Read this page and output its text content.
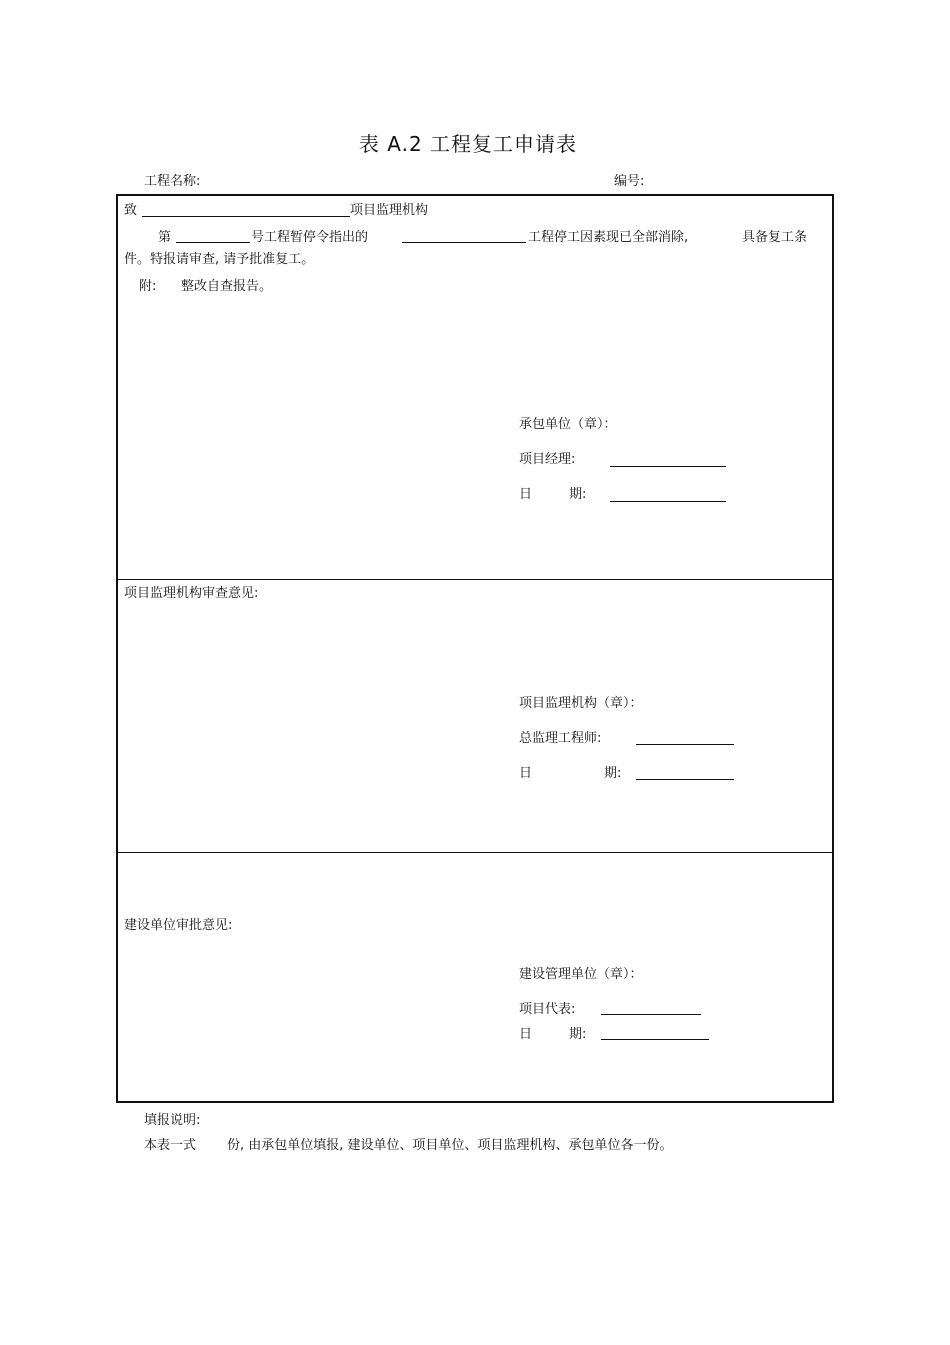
表 A.2 工程复工申请表
工程名称:	编号:
致	项目监理机构
第	号工程暂停令指出的	工程停工因素现已全部消除,	具备复工条
件。特报请审查, 请予批准复工。
附: 整改自查报告。
承包单位（章）：
项目经理:
日	期:
项目监理机构审查意见:
项目监理机构（章）：
总监理工程师:
日	期:
建设单位审批意见:
建设管理单位（章）：
项目代表:
日	期:
填报说明:
本表一式 份, 由承包单位填报, 建设单位、项目单位、项目监理机构、承包单位各一份。
